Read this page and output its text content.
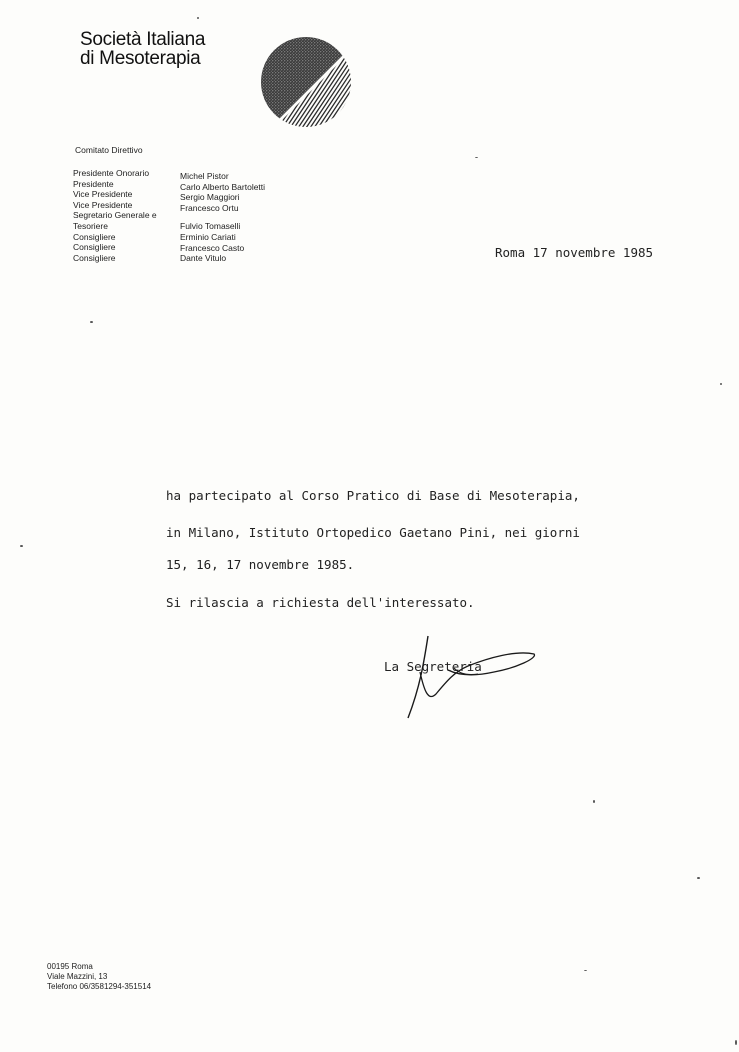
Società Italiana
di Mesoterapia
Comitato Direttivo
Presidente Onorario
Presidente
Vice Presidente
Vice Presidente
Segretario Generale e
Tesoriere
Consigliere
Consigliere
Consigliere
Michel Pistor
Carlo Alberto Bartoletti
Sergio Maggiori
Francesco Ortu
Fulvio Tomaselli
Erminio Cariati
Francesco Casto
Dante Vitulo	Roma 17 novembre 1985
ha partecipato al Corso Pratico di Base di Mesoterapia,
in Milano, Istituto Ortopedico Gaetano Pini, nei giorni
15, 16, 17 novembre 1985.
Si rilascia a richiesta dell'interessato.
La Segreteria
00195 Roma
Viale Mazzini, 13
Telefono 06/3581294-351514
